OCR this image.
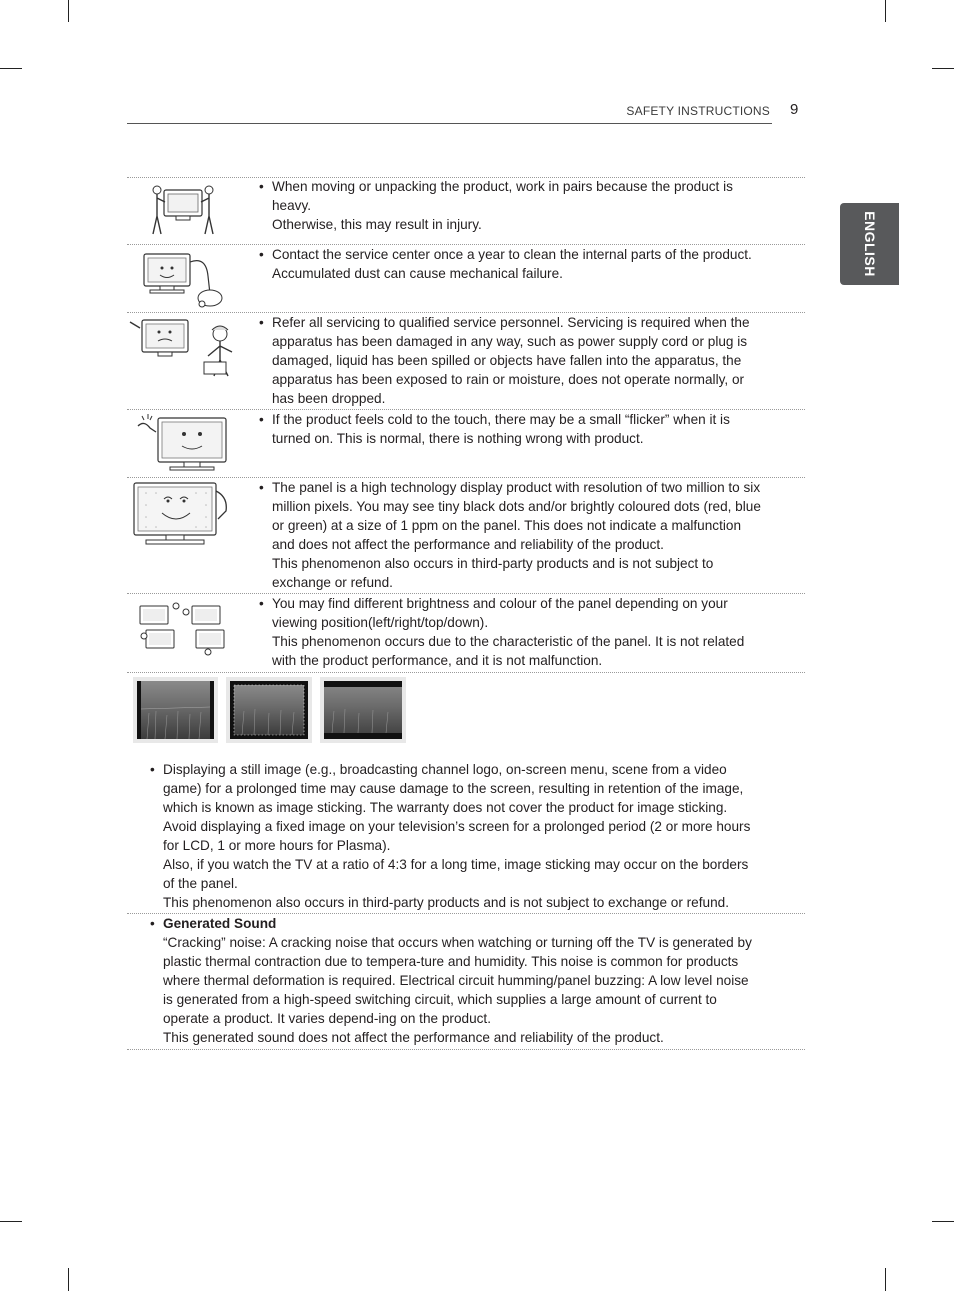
SAFETY INSTRUCTIONS 9
ENGLISH
• When moving or unpacking the product, work in pairs because the product is

heavy.

Otherwise, this may result in injury.

• Contact the service center once a year to clean the internal parts of the product.

Accumulated dust can cause mechanical failure.

• Refer all servicing to qualified service personnel. Servicing is required when the

apparatus has been damaged in any way, such as power supply cord or plug is

damaged, liquid has been spilled or objects have fallen into the apparatus, the

apparatus has been exposed to rain or moisture, does not operate normally, or

has been dropped.

• If the product feels cold to the touch, there may be a small “flicker” when it is

turned on. This is normal, there is nothing wrong with product.

• The panel is a high technology display product with resolution of two million to six

million pixels. You may see tiny black dots and/or brightly coloured dots (red, blue

or green) at a size of 1 ppm on the panel. This does not indicate a malfunction

and does not affect the performance and reliability of the product.

This phenomenon also occurs in third-party products and is not subject to

exchange or refund.

• You may find different brightness and colour of the panel depending on your

viewing position(left/right/top/down).

This phenomenon occurs due to the characteristic of the panel. It is not related

with the product performance, and it is not malfunction.

• Displaying a still image (e.g., broadcasting channel logo, on-screen menu, scene from a video

game) for a prolonged time may cause damage to the screen, resulting in retention of the image,

which is known as image sticking. The warranty does not cover the product for image sticking.

Avoid displaying a fixed image on your television’s screen for a prolonged period (2 or more hours

for LCD, 1 or more hours for Plasma).

Also, if you watch the TV at a ratio of 4:3 for a long time, image sticking may occur on the borders

of the panel.

This phenomenon also occurs in third-party products and is not subject to exchange or refund.

• Generated Sound

“Cracking” noise: A cracking noise that occurs when watching or turning off the TV is generated by

plastic thermal contraction due to tempera-ture and humidity. This noise is common for products

where thermal deformation is required. Electrical circuit humming/panel buzzing: A low level noise

is generated from a high-speed switching circuit, which supplies a large amount of current to

operate a product. It varies depend-ing on the product.

This generated sound does not affect the performance and reliability of the product.
